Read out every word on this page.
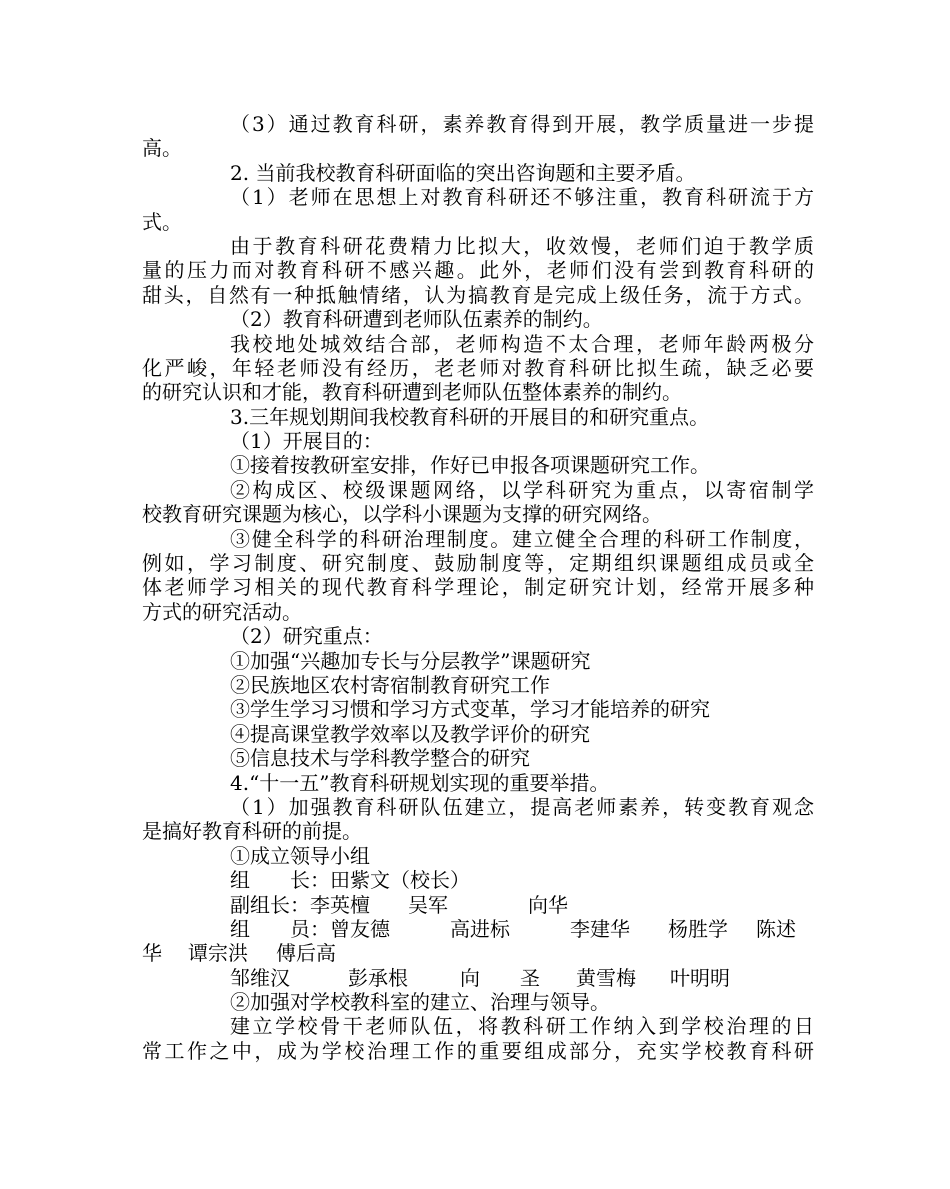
（3）通过教育科研，素养教育得到开展，教学质量进一步提
高。
2. 当前我校教育科研面临的突出咨询题和主要矛盾。
（1）老师在思想上对教育科研还不够注重，教育科研流于方
式。
由于教育科研花费精力比拟大，收效慢，老师们迫于教学质
量的压力而对教育科研不感兴趣。此外，老师们没有尝到教育科研的
甜头，自然有一种抵触情绪，认为搞教育是完成上级任务，流于方式。
（2）教育科研遭到老师队伍素养的制约。
我校地处城效结合部，老师构造不太合理，老师年龄两极分
化严峻，年轻老师没有经历，老老师对教育科研比拟生疏，缺乏必要
的研究认识和才能，教育科研遭到老师队伍整体素养的制约。
3.三年规划期间我校教育科研的开展目的和研究重点。
（1）开展目的：
①接着按教研室安排，作好已申报各项课题研究工作。
②构成区、校级课题网络，以学科研究为重点，以寄宿制学
校教育研究课题为核心，以学科小课题为支撑的研究网络。
③健全科学的科研治理制度。建立健全合理的科研工作制度，
例如，学习制度、研究制度、鼓励制度等，定期组织课题组成员或全
体老师学习相关的现代教育科学理论，制定研究计划，经常开展多种
方式的研究活动。
（2）研究重点：
①加强“兴趣加专长与分层教学”课题研究
②民族地区农村寄宿制教育研究工作
③学生学习习惯和学习方式变革，学习才能培养的研究
④提高课堂教学效率以及教学评价的研究
⑤信息技术与学科教学整合的研究
4.“十一五”教育科研规划实现的重要举措。
（1）加强教育科研队伍建立，提高老师素养，转变教育观念
是搞好教育科研的前提。
①成立领导小组
组　　长：田紫文（校长）
副组长：李英檀 吴军	向华
组　　员：曾友德	高进标	李建华 杨胜学 陈述
华 谭宗洪 傅后高
邹维汉	彭承根	向　　圣 黄雪梅 叶明明
②加强对学校教科室的建立、治理与领导。
建立学校骨干老师队伍，将教科研工作纳入到学校治理的日
常工作之中，成为学校治理工作的重要组成部分，充实学校教育科研
